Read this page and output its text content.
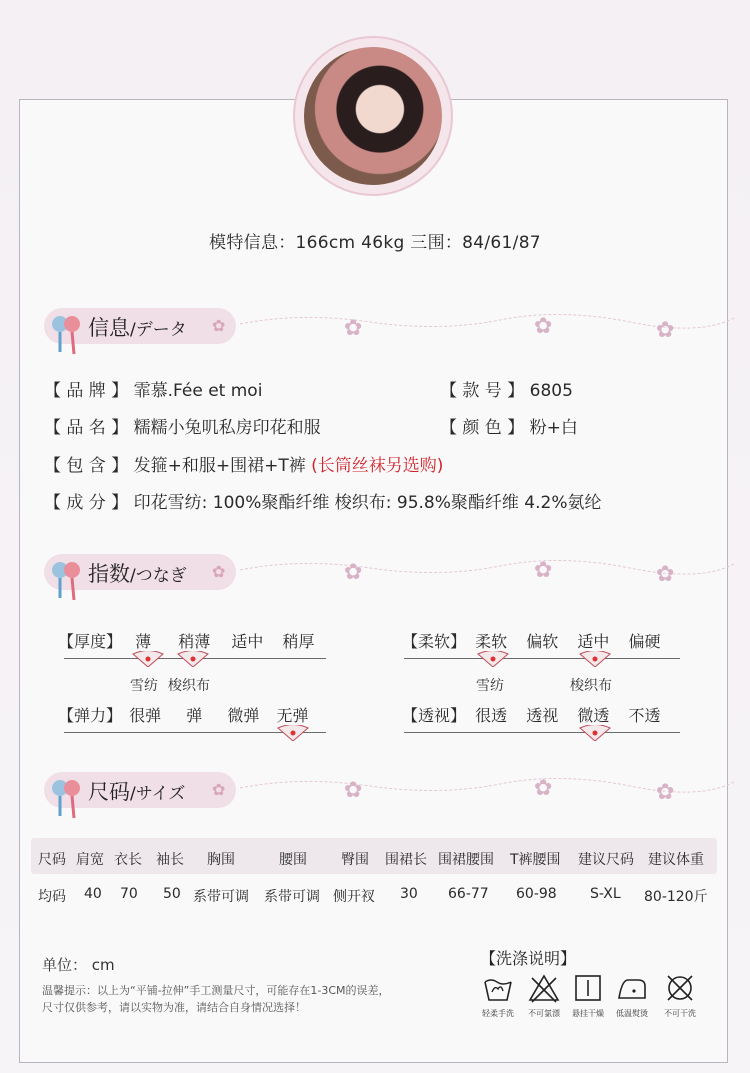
模特信息：166cm 46kg 三围：84/61/87
信息/データ ✿	✿	✿	✿
【 品 牌 】 霏慕.Fée et moi	【 款 号 】 6805
【 品 名 】 糯糯小兔叽私房印花和服	【 颜 色 】 粉+白
【 包 含 】 发箍+和服+围裙+T裤 (长筒丝袜另选购)
【 成 分 】 印花雪纺: 100%聚酯纤维 梭织布: 95.8%聚酯纤维 4.2%氨纶
指数/つなぎ ✿	✿	✿	✿
【厚度】 薄 稍薄 适中 稍厚
雪纺 梭织布
【柔软】 柔软 偏软 适中 偏硬
雪纺	梭织布
【弹力】 很弹 弹 微弹 无弹	【透视】 很透 透视 微透 不透
尺码/サイズ ✿	✿	✿	✿
尺码 肩宽 衣长 袖长 胸围	腰围 臀围 围裙长 围裙腰围 T裤腰围 建议尺码 建议体重
均码 40 70 50 系带可调 系带可调 侧开衩 30 66-77 60-98 S-XL 80-120斤
单位： cm
温馨提示：以上为“平铺-拉伸”手工测量尺寸，可能存在1-3CM的误差，
尺寸仅供参考，请以实物为准，请结合自身情况选择！
【洗涤说明】
轻柔手洗	不可氯漂	悬挂干燥	低温熨烫	不可干洗
